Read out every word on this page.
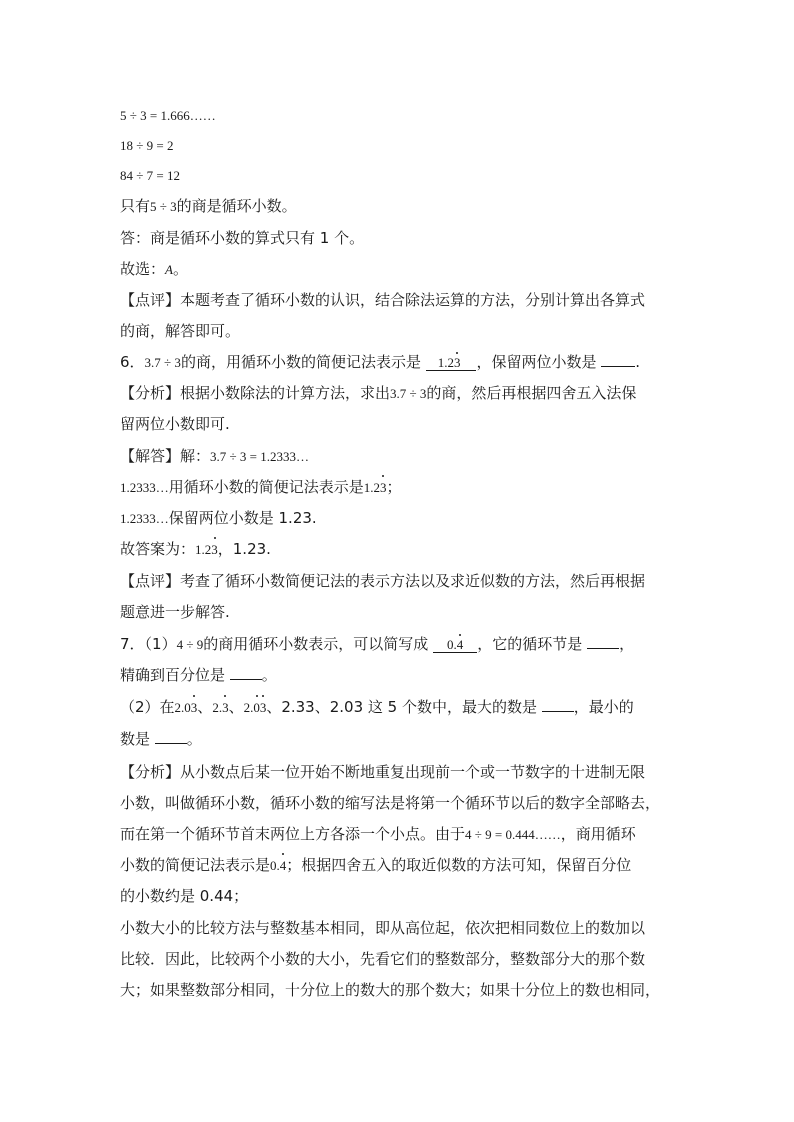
5 ÷ 3 = 1.666……
18 ÷ 9 = 2
84 ÷ 7 = 12
只有5 ÷ 3的商是循环小数。
答：商是循环小数的算式只有 1 个。
故选：A。
【点评】本题考查了循环小数的认识，结合除法运算的方法，分别计算出各算式
的商，解答即可。
6．3.7 ÷ 3的商，用循环小数的简便记法表示是 1.23 ，保留两位小数是	.
【分析】根据小数除法的计算方法，求出3.7 ÷ 3的商，然后再根据四舍五入法保
留两位小数即可.
【解答】解：3.7 ÷ 3 = 1.2333…
1.2333…用循环小数的简便记法表示是1.23；
1.2333…保留两位小数是 1.23.
故答案为：1.23，1.23.
【点评】考查了循环小数简便记法的表示方法以及求近似数的方法，然后再根据
题意进一步解答.
7．（1）4 ÷ 9的商用循环小数表示，可以简写成 0.4 ，它的循环节是 ，
精确到百分位是 。
（2）在2.03、2.3、2.03、2.33、2.03 这 5 个数中，最大的数是 ，最小的
数是 。
【分析】从小数点后某一位开始不断地重复出现前一个或一节数字的十进制无限
小数，叫做循环小数，循环小数的缩写法是将第一个循环节以后的数字全部略去，
而在第一个循环节首末两位上方各添一个小点。由于4 ÷ 9 = 0.444……，商用循环
小数的简便记法表示是0.4；根据四舍五入的取近似数的方法可知，保留百分位
的小数约是 0.44；
小数大小的比较方法与整数基本相同，即从高位起，依次把相同数位上的数加以
比较．因此，比较两个小数的大小，先看它们的整数部分，整数部分大的那个数
大；如果整数部分相同，十分位上的数大的那个数大；如果十分位上的数也相同，
